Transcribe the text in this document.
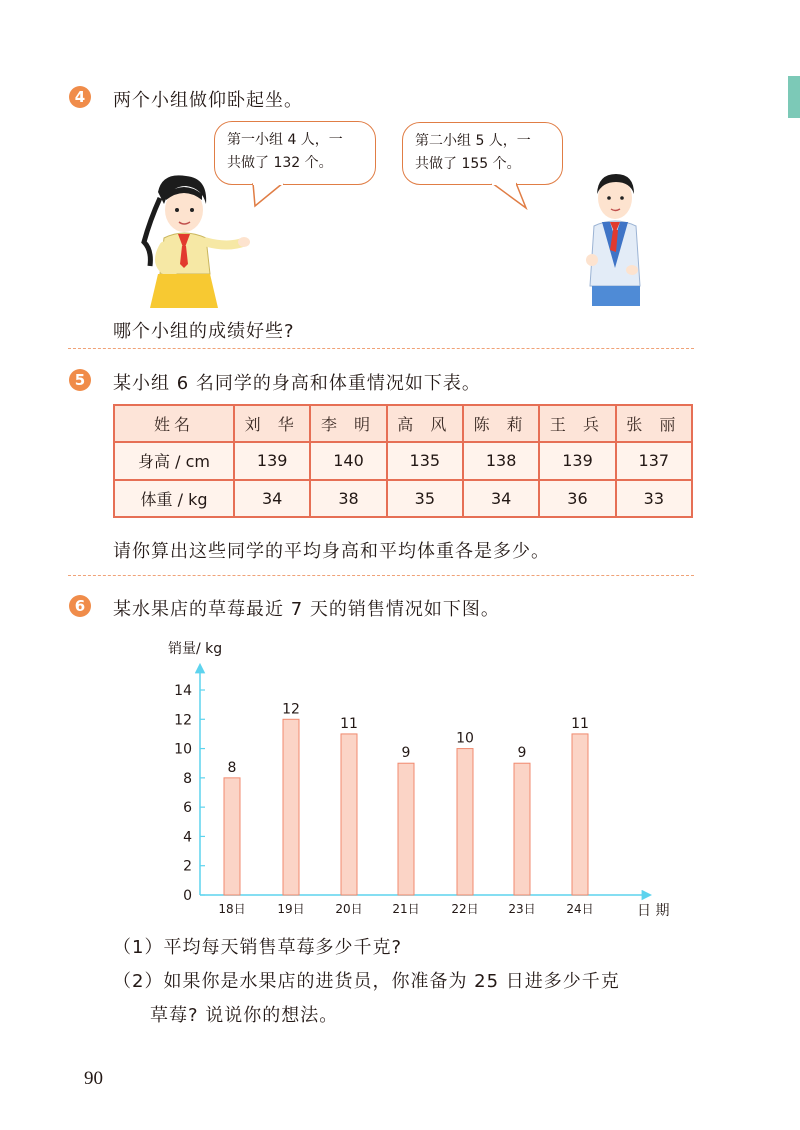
4	两个小组做仰卧起坐。
第一小组 4 人，一
共做了 132 个。
第二小组 5 人，一
共做了 155 个。
哪个小组的成绩好些?
5	某小组 6 名同学的身高和体重情况如下表。
姓名	刘 华	李 明	高 风	陈 莉	王 兵	张 丽
身高 / cm	139	140	135	138	139	137
体重 / kg	34	38	35	34	36	33
请你算出这些同学的平均身高和平均体重各是多少。
6	某水果店的草莓最近 7 天的销售情况如下图。
0
2
4
6
8
10
12
14
销量/ kg
8
18日
12
19日
11
20日
9
21日
10
22日
9
23日
11
24日	日 期
（1）平均每天销售草莓多少千克?
（2）如果你是水果店的进货员，你准备为 25 日进多少千克
草莓? 说说你的想法。
90
